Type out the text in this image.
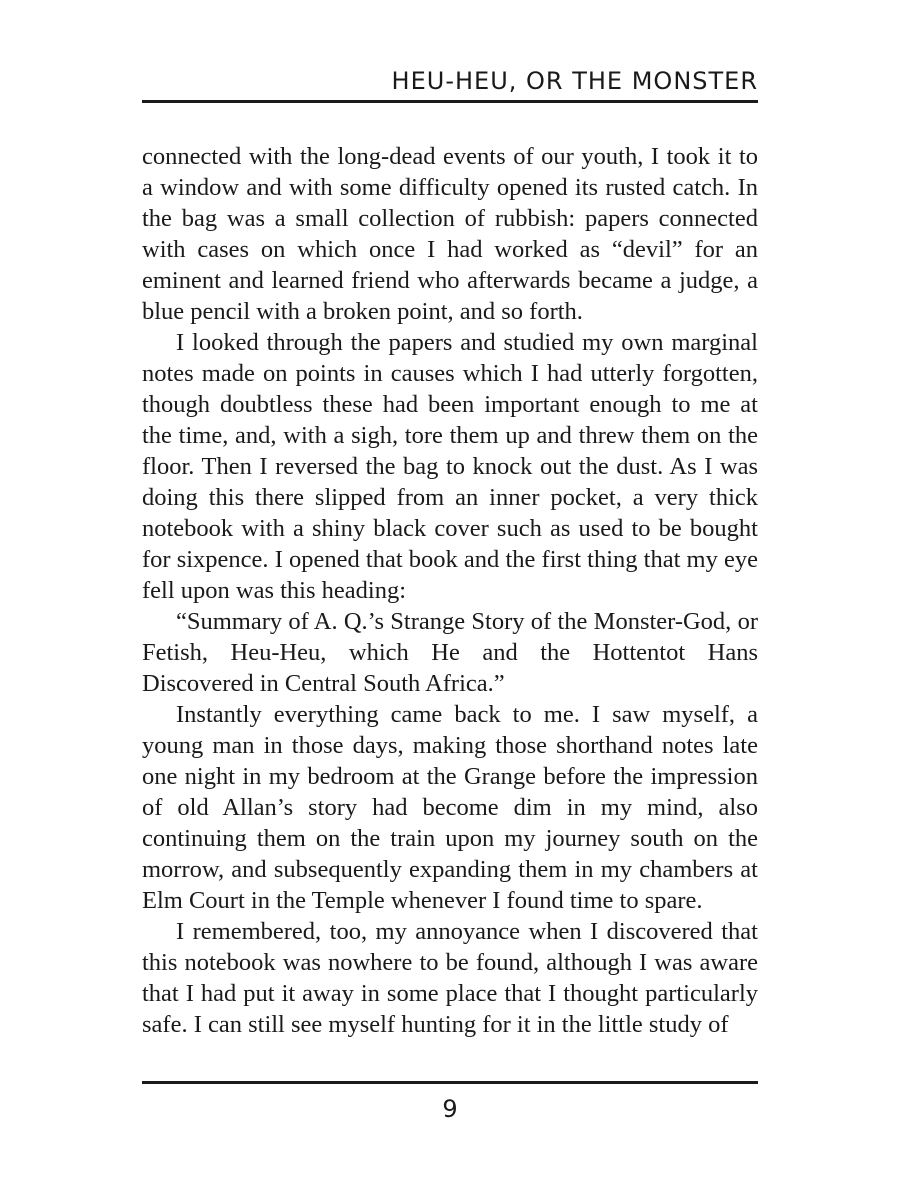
HEU-HEU, OR THE MONSTER

connected with the long-dead events of our youth, I took it to a window and with some difficulty opened its rusted catch. In the bag was a small collection of rubbish: papers connected with cases on which once I had worked as “devil” for an eminent and learned friend who afterwards became a judge, a blue pencil with a broken point, and so forth.

I looked through the papers and studied my own marginal notes made on points in causes which I had utterly forgotten, though doubtless these had been important enough to me at the time, and, with a sigh, tore them up and threw them on the floor. Then I reversed the bag to knock out the dust. As I was doing this there slipped from an inner pocket, a very thick notebook with a shiny black cover such as used to be bought for sixpence. I opened that book and the first thing that my eye fell upon was this heading:

“Summary of A. Q.’s Strange Story of the Monster-God, or Fetish, Heu-Heu, which He and the Hottentot Hans Discovered in Central South Africa.”

Instantly everything came back to me. I saw myself, a young man in those days, making those shorthand notes late one night in my bedroom at the Grange before the impression of old Allan’s story had become dim in my mind, also continuing them on the train upon my journey south on the morrow, and subsequently expanding them in my chambers at Elm Court in the Temple whenever I found time to spare.

I remembered, too, my annoyance when I discovered that this notebook was nowhere to be found, although I was aware that I had put it away in some place that I thought particularly safe. I can still see myself hunting for it in the little study of

9
